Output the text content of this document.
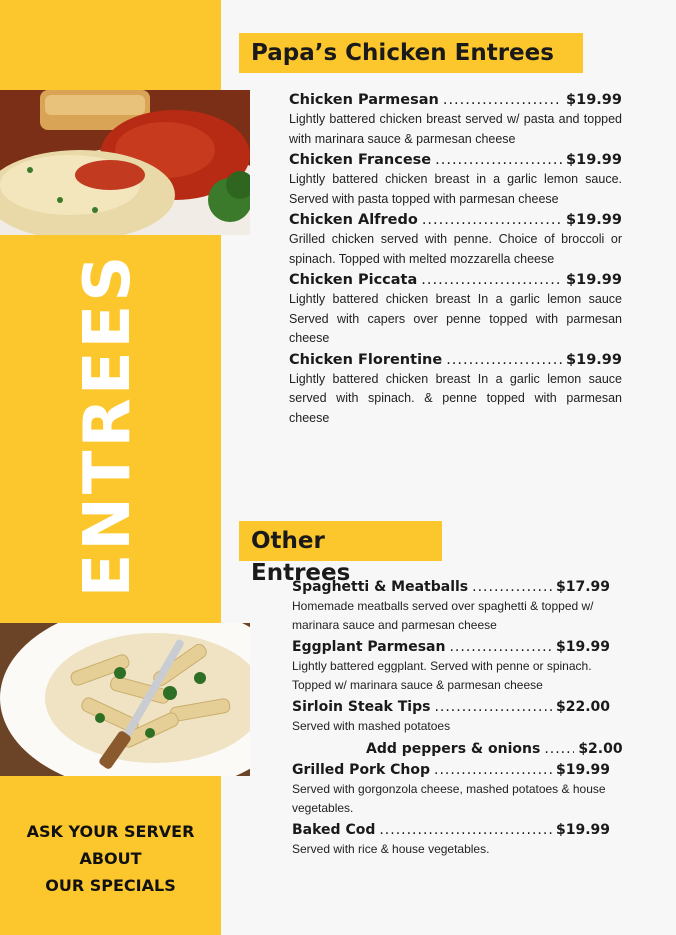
ENTREES
ASK YOUR SERVER
ABOUT
OUR SPECIALS
Papa’s Chicken Entrees
Chicken Parmesan .....	$19.99
Lightly battered chicken breast served w/ pasta and topped with marinara sauce & parmesan cheese
Chicken Francese .....	$19.99
Lightly battered chicken breast in a garlic lemon sauce. Served with pasta topped with parmesan cheese
Chicken Alfredo .....	$19.99
Grilled chicken served with penne. Choice of broccoli or spinach. Topped with melted mozzarella cheese
Chicken Piccata .....	$19.99
Lightly battered chicken breast In a garlic lemon sauce Served with capers over penne topped with parmesan cheese
Chicken Florentine .....	$19.99
Lightly battered chicken breast In a garlic lemon sauce served with spinach. & penne topped with parmesan cheese
Other Entrees
Spaghetti & Meatballs .....	$17.99
Homemade meatballs served over spaghetti & topped w/ marinara sauce and parmesan cheese
Eggplant Parmesan .....	$19.99
Lightly battered eggplant. Served with penne or spinach. Topped w/ marinara sauce & parmesan cheese
Sirloin Steak Tips .....	$22.00
Served with mashed potatoes
Add peppers & onions .....	$2.00
Grilled Pork Chop .....	$19.99
Served with gorgonzola cheese, mashed potatoes & house vegetables.
Baked Cod .....	$19.99
Served with rice & house vegetables.
